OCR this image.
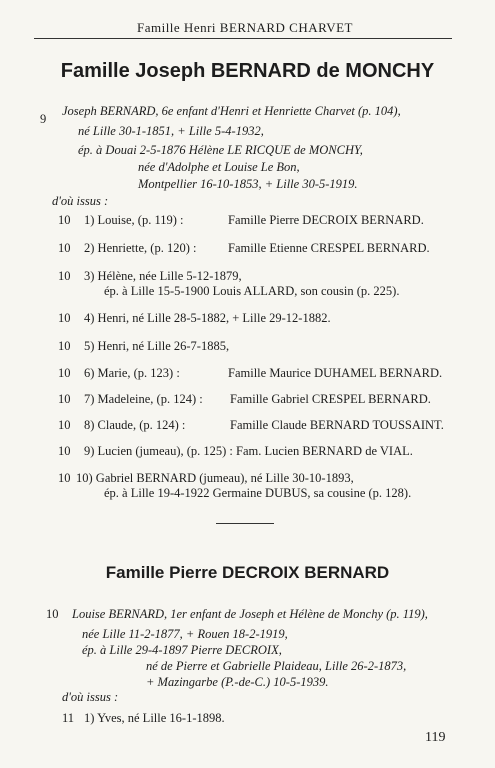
Famille Henri BERNARD CHARVET
Famille Joseph BERNARD de MONCHY
9
Joseph BERNARD, 6e enfant d'Henri et Henriette Charvet (p. 104),
né Lille 30-1-1851, + Lille 5-4-1932,
ép. à Douai 2-5-1876 Hélène LE RICQUE de MONCHY,
née d'Adolphe et Louise Le Bon,
Montpellier 16-10-1853, + Lille 30-5-1919.
d'où issus :
10 1) Louise, (p. 119) :	Famille Pierre DECROIX BERNARD.
10 2) Henriette, (p. 120) :	Famille Etienne CRESPEL BERNARD.
10 3) Hélène, née Lille 5-12-1879,
ép. à Lille 15-5-1900 Louis ALLARD, son cousin (p. 225).
10 4) Henri, né Lille 28-5-1882, + Lille 29-12-1882.
10 5) Henri, né Lille 26-7-1885,
10 6) Marie, (p. 123) :	Famille Maurice DUHAMEL BERNARD.
10 7) Madeleine, (p. 124) : Famille Gabriel CRESPEL BERNARD.
10 8) Claude, (p. 124) :	Famille Claude BERNARD TOUSSAINT.
10 9) Lucien (jumeau), (p. 125) : Fam. Lucien BERNARD de VIAL.
10 10) Gabriel BERNARD (jumeau), né Lille 30-10-1893,
ép. à Lille 19-4-1922 Germaine DUBUS, sa cousine (p. 128).
Famille Pierre DECROIX BERNARD
10 Louise BERNARD, 1er enfant de Joseph et Hélène de Monchy (p. 119),
née Lille 11-2-1877, + Rouen 18-2-1919,
ép. à Lille 29-4-1897 Pierre DECROIX,
né de Pierre et Gabrielle Plaideau, Lille 26-2-1873,
+ Mazingarbe (P.-de-C.) 10-5-1939.
d'où issus :
11 1) Yves, né Lille 16-1-1898.
119
